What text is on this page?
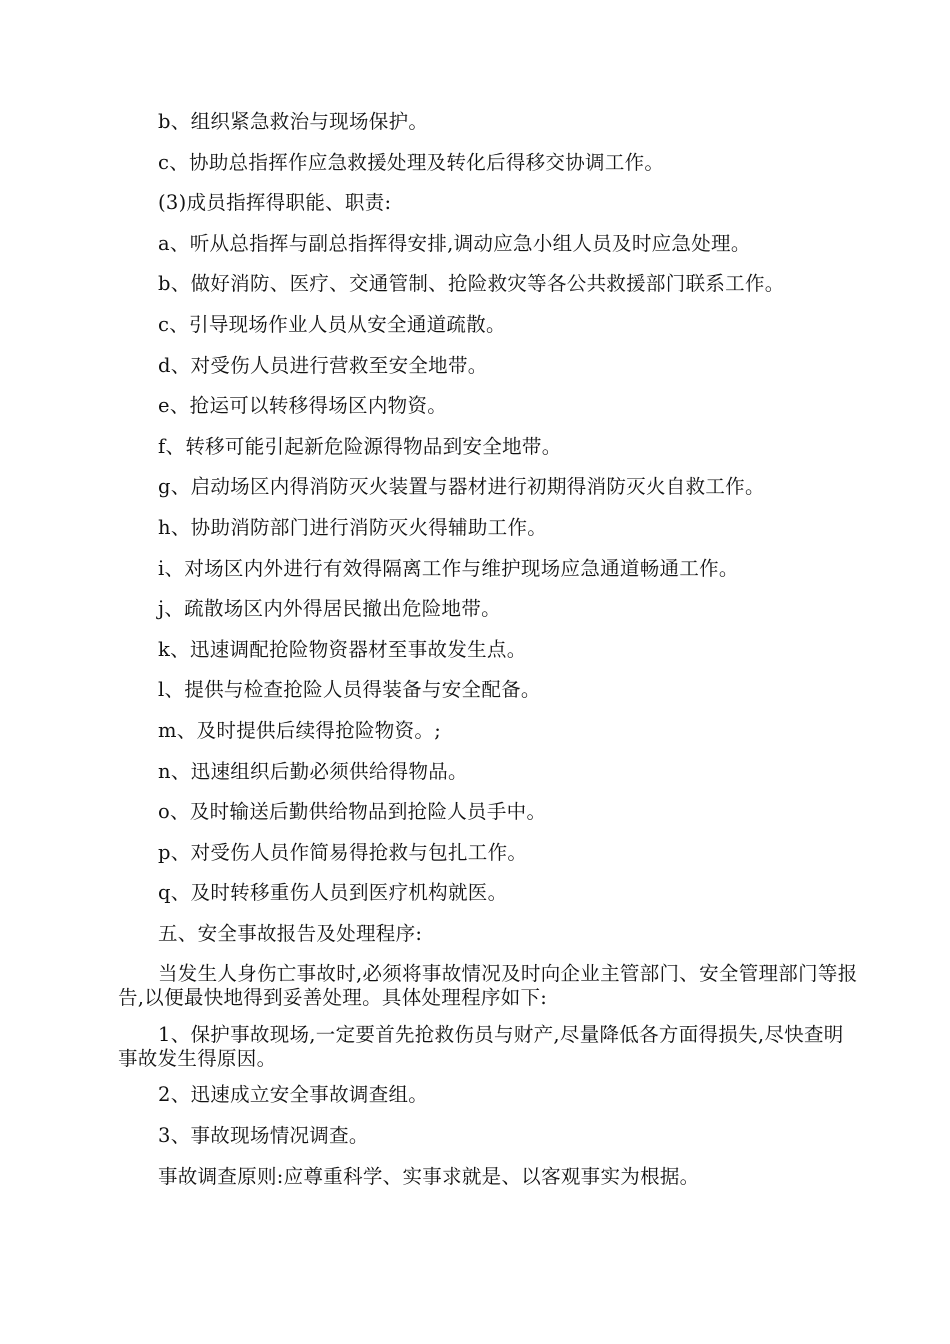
b、组织紧急救治与现场保护。

c、协助总指挥作应急救援处理及转化后得移交协调工作。

(3)成员指挥得职能、职责:

a、听从总指挥与副总指挥得安排,调动应急小组人员及时应急处理。

b、做好消防、医疗、交通管制、抢险救灾等各公共救援部门联系工作。

c、引导现场作业人员从安全通道疏散。

d、对受伤人员进行营救至安全地带。

e、抢运可以转移得场区内物资。

f、转移可能引起新危险源得物品到安全地带。

g、启动场区内得消防灭火装置与器材进行初期得消防灭火自救工作。

h、协助消防部门进行消防灭火得辅助工作。

i、对场区内外进行有效得隔离工作与维护现场应急通道畅通工作。

j、疏散场区内外得居民撤出危险地带。

k、迅速调配抢险物资器材至事故发生点。

l、提供与检查抢险人员得装备与安全配备。

m、及时提供后续得抢险物资。;

n、迅速组织后勤必须供给得物品。

o、及时输送后勤供给物品到抢险人员手中。

p、对受伤人员作简易得抢救与包扎工作。

q、及时转移重伤人员到医疗机构就医。

五、安全事故报告及处理程序:

当发生人身伤亡事故时,必须将事故情况及时向企业主管部门、安全管理部门等报告,以便最快地得到妥善处理。具体处理程序如下:

1、保护事故现场,一定要首先抢救伤员与财产,尽量降低各方面得损失,尽快查明事故发生得原因。

2、迅速成立安全事故调查组。

3、事故现场情况调查。

事故调查原则:应尊重科学、实事求就是、以客观事实为根据。
